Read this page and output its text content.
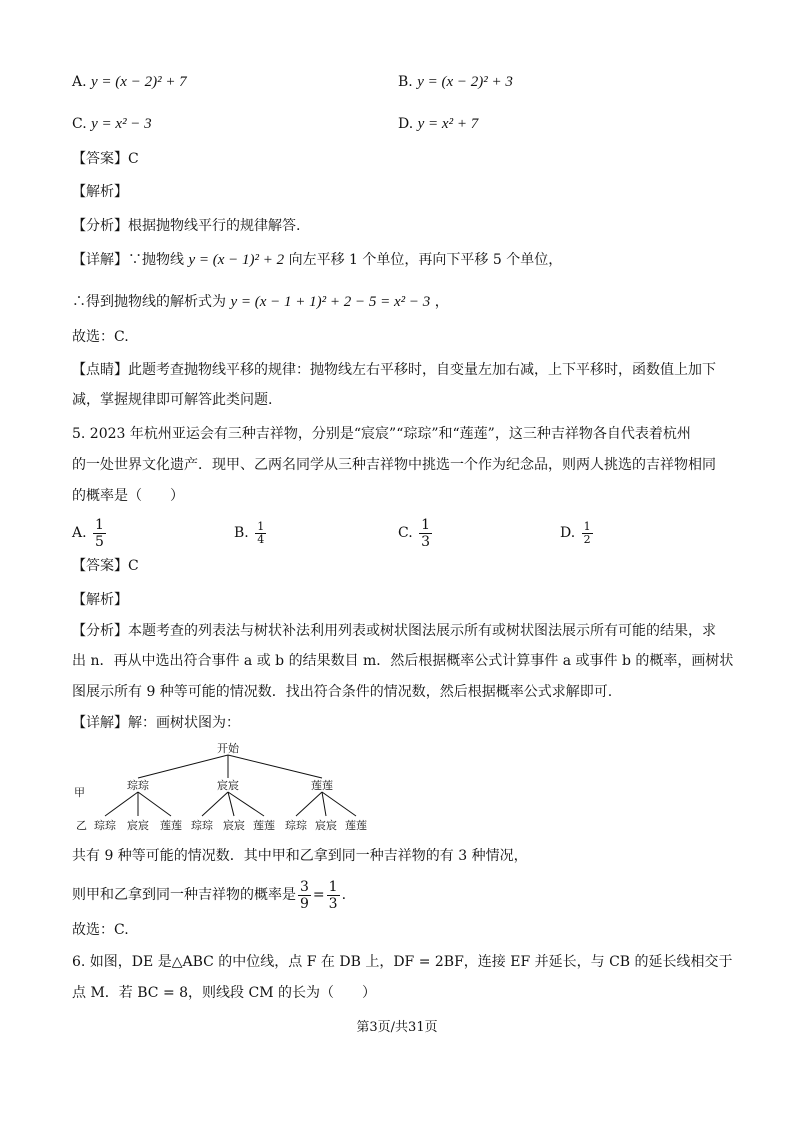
A. y = (x − 2)² + 7	B. y = (x − 2)² + 3
C. y = x² − 3	D. y = x² + 7
【答案】C
【解析】
【分析】根据抛物线平行的规律解答.
【详解】∵抛物线 y = (x − 1)² + 2 向左平移 1 个单位，再向下平移 5 个单位，
∴得到抛物线的解析式为 y = (x − 1 + 1)² + 2 − 5 = x² − 3 ，
故选：C.
【点睛】此题考查抛物线平移的规律：抛物线左右平移时，自变量左加右减，上下平移时，函数值上加下
减，掌握规律即可解答此类问题.
5. 2023 年杭州亚运会有三种吉祥物，分别是“宸宸”“琮琮”和“莲莲”，这三种吉祥物各自代表着杭州
的一处世界文化遗产．现甲、乙两名同学从三种吉祥物中挑选一个作为纪念品，则两人挑选的吉祥物相同
的概率是（　　）
A. $\frac{1}{5}$	B. $\frac{1}{4}$	C. $\frac{1}{3}$	D. $\frac{1}{2}$
【答案】C
【解析】
【分析】本题考查的列表法与树状补法利用列表或树状图法展示所有或树状图法展示所有可能的结果，求
出 n．再从中选出符合事件 a 或 b 的结果数目 m．然后根据概率公式计算事件 a 或事件 b 的概率，画树状
图展示所有 9 种等可能的情况数．找出符合条件的情况数，然后根据概率公式求解即可.
【详解】解：画树状图为：
开始
甲
琮琮	宸宸	莲莲
乙 琮琮 宸宸 莲莲 琮琮 宸宸 莲莲 琮琮 宸宸 莲莲
共有 9 种等可能的情况数．其中甲和乙拿到同一种吉祥物的有 3 种情况，
则甲和乙拿到同一种吉祥物的概率是 $\frac{3}{9} = \frac{1}{3}$ .
故选：C.
6. 如图，DE 是△ABC 的中位线，点 F 在 DB 上，DF = 2BF，连接 EF 并延长，与 CB 的延长线相交于
点 M．若 BC = 8，则线段 CM 的长为（　　）
第3页/共31页
